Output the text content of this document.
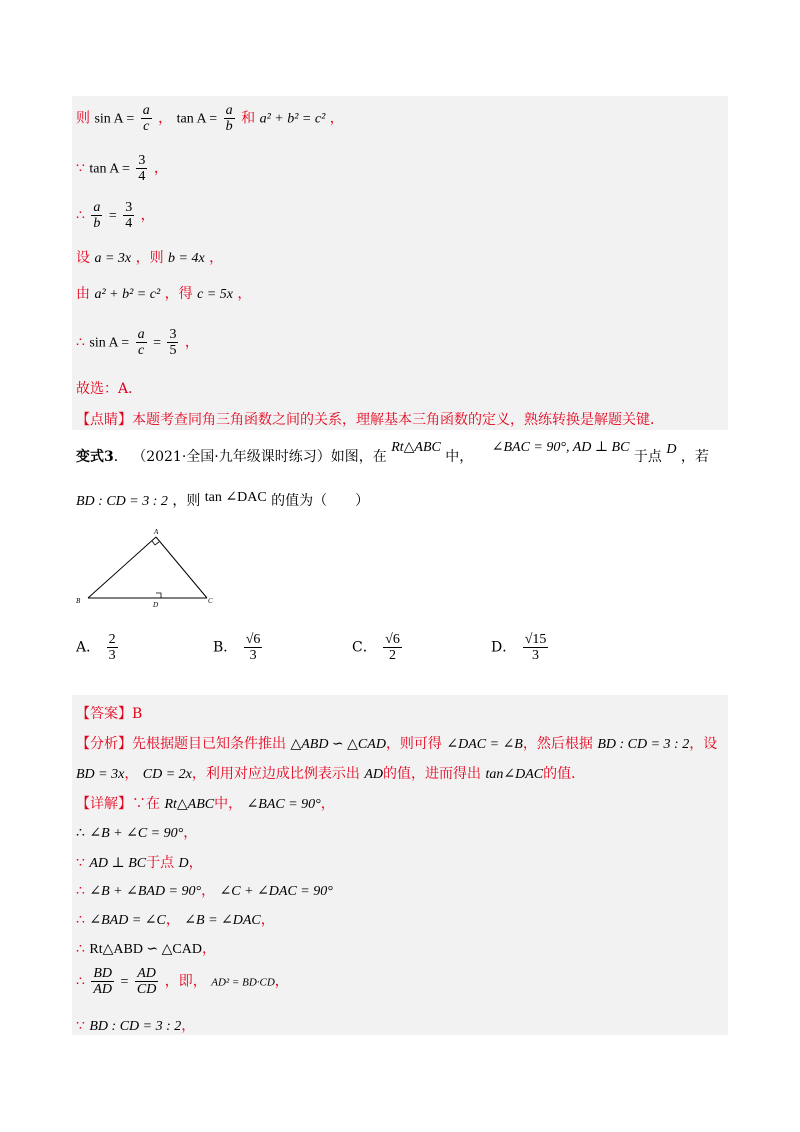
则 $\sin A = \frac{a}{c}$ ， $\tan A = \frac{a}{b}$ 和 a² + b² = c² ，
∵ $\tan A = \frac{3}{4}$ ，
∴ $\frac{a}{b} = \frac{3}{4}$ ，
设 a = 3x ，则 b = 4x ，
由 a² + b² = c² ，得 c = 5x ，
∴ $\sin A = \frac{a}{c} = \frac{3}{5}$ ，
故选：A．
【点睛】本题考查同角三角函数之间的关系，理解基本三角函数的定义，熟练转换是解题关键．
变式3． （2021·全国·九年级课时练习）如图，在 Rt△ABC 中， ∠BAC = 90°, AD ⊥ BC 于点 D ，若
BD : CD = 3 : 2 ，则 tan ∠DAC 的值为（　　）
A
B	C
D
A． $\frac{2}{3}$	B． $\frac{√6}{3}$	C． $\frac{√6}{2}$	D． $\frac{√15}{3}$
【答案】B
【分析】先根据题目已知条件推出 △ABD ∽ △CAD，则可得 ∠DAC = ∠B，然后根据 BD : CD = 3 : 2，设
BD = 3x， CD = 2x，利用对应边成比例表示出 AD的值，进而得出 tan∠DAC的值．
【详解】∵在 Rt△ABC中， ∠BAC = 90°，
∴ ∠B + ∠C = 90°，
∵ AD ⊥ BC于点 D，
∴ ∠B + ∠BAD = 90°， ∠C + ∠DAC = 90°
∴ ∠BAD = ∠C， ∠B = ∠DAC，
∴ Rt△ABD ∽ △CAD，
∴ $\frac{BD}{AD} = \frac{AD}{CD}$ ，即， AD² = BD·CD，
∵ BD : CD = 3 : 2，
